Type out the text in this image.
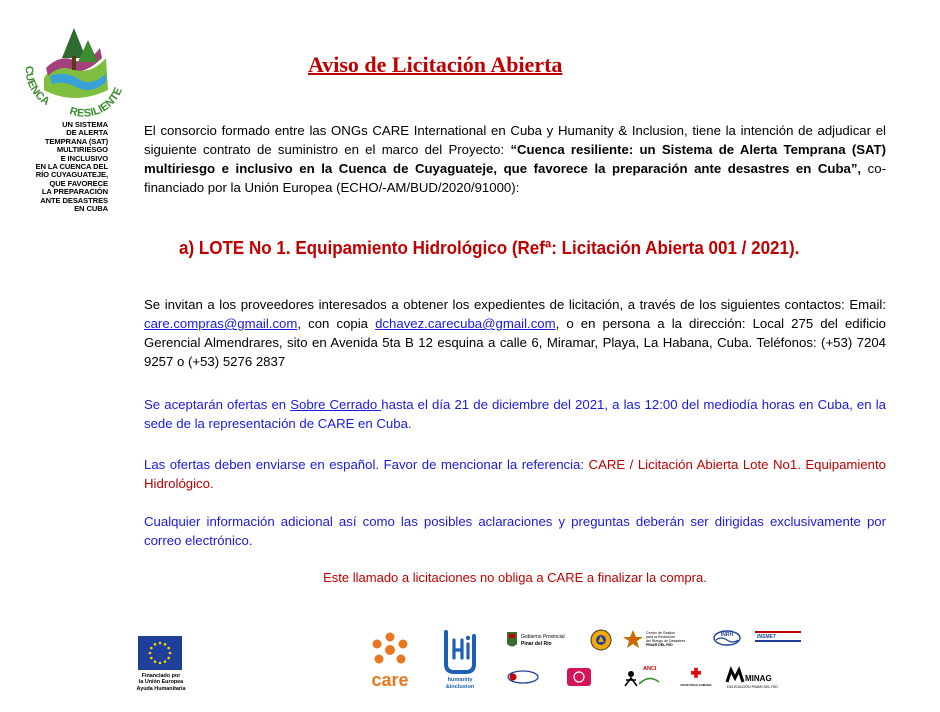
CUENCA
RESILIENTE
UN SISTEMA
DE ALERTA
TEMPRANA (SAT)
MULTIRIESGO
E INCLUSIVO
EN LA CUENCA DEL
RÍO CUYAGUATEJE,
QUE FAVORECE
LA PREPARACIÓN
ANTE DESASTRES
EN CUBA
Aviso de Licitación Abierta
El consorcio formado entre las ONGs CARE International en Cuba y Humanity & Inclusion, tiene la intención de adjudicar el siguiente contrato de suministro en el marco del Proyecto: “Cuenca resiliente: un Sistema de Alerta Temprana (SAT) multiriesgo e inclusivo en la Cuenca de Cuyaguateje, que favorece la preparación ante desastres en Cuba”, co-financiado por la Unión Europea (ECHO/-AM/BUD/2020/91000):
a) LOTE No 1. Equipamiento Hidrológico (Refª: Licitación Abierta 001 / 2021).
Se invitan a los proveedores interesados a obtener los expedientes de licitación, a través de los siguientes contactos: Email: care.compras@gmail.com, con copia dchavez.carecuba@gmail.com, o en persona a la dirección: Local 275 del edificio Gerencial Almendrares, sito en Avenida 5ta B 12 esquina a calle 6, Miramar, Playa, La Habana, Cuba. Teléfonos: (+53) 7204 9257 o (+53) 5276 2837
Se aceptarán ofertas en Sobre Cerrado hasta el día 21 de diciembre del 2021, a las 12:00 del mediodía horas en Cuba, en la sede de la representación de CARE en Cuba.
Las ofertas deben enviarse en español. Favor de mencionar la referencia: CARE / Licitación Abierta Lote No1. Equipamiento Hidrológico.
Cualquier información adicional así como las posibles aclaraciones y preguntas deberán ser dirigidas exclusivamente por correo electrónico.
Este llamado a licitaciones no obliga a CARE a finalizar la compra.
Financiado por
la Unión Europea
Ayuda Humanitaria	care	humanity
&inclusion
Gobierno Provincial
Pinar del Río
Centro de Gestión
para la Reducción
del Riesgo de Desastres
PINAR DEL RÍO
INRH	INSMET
ANCI
CRUZ ROJA CUBANA
MINAG
DELEGACIÓN PINAR DEL RÍO
